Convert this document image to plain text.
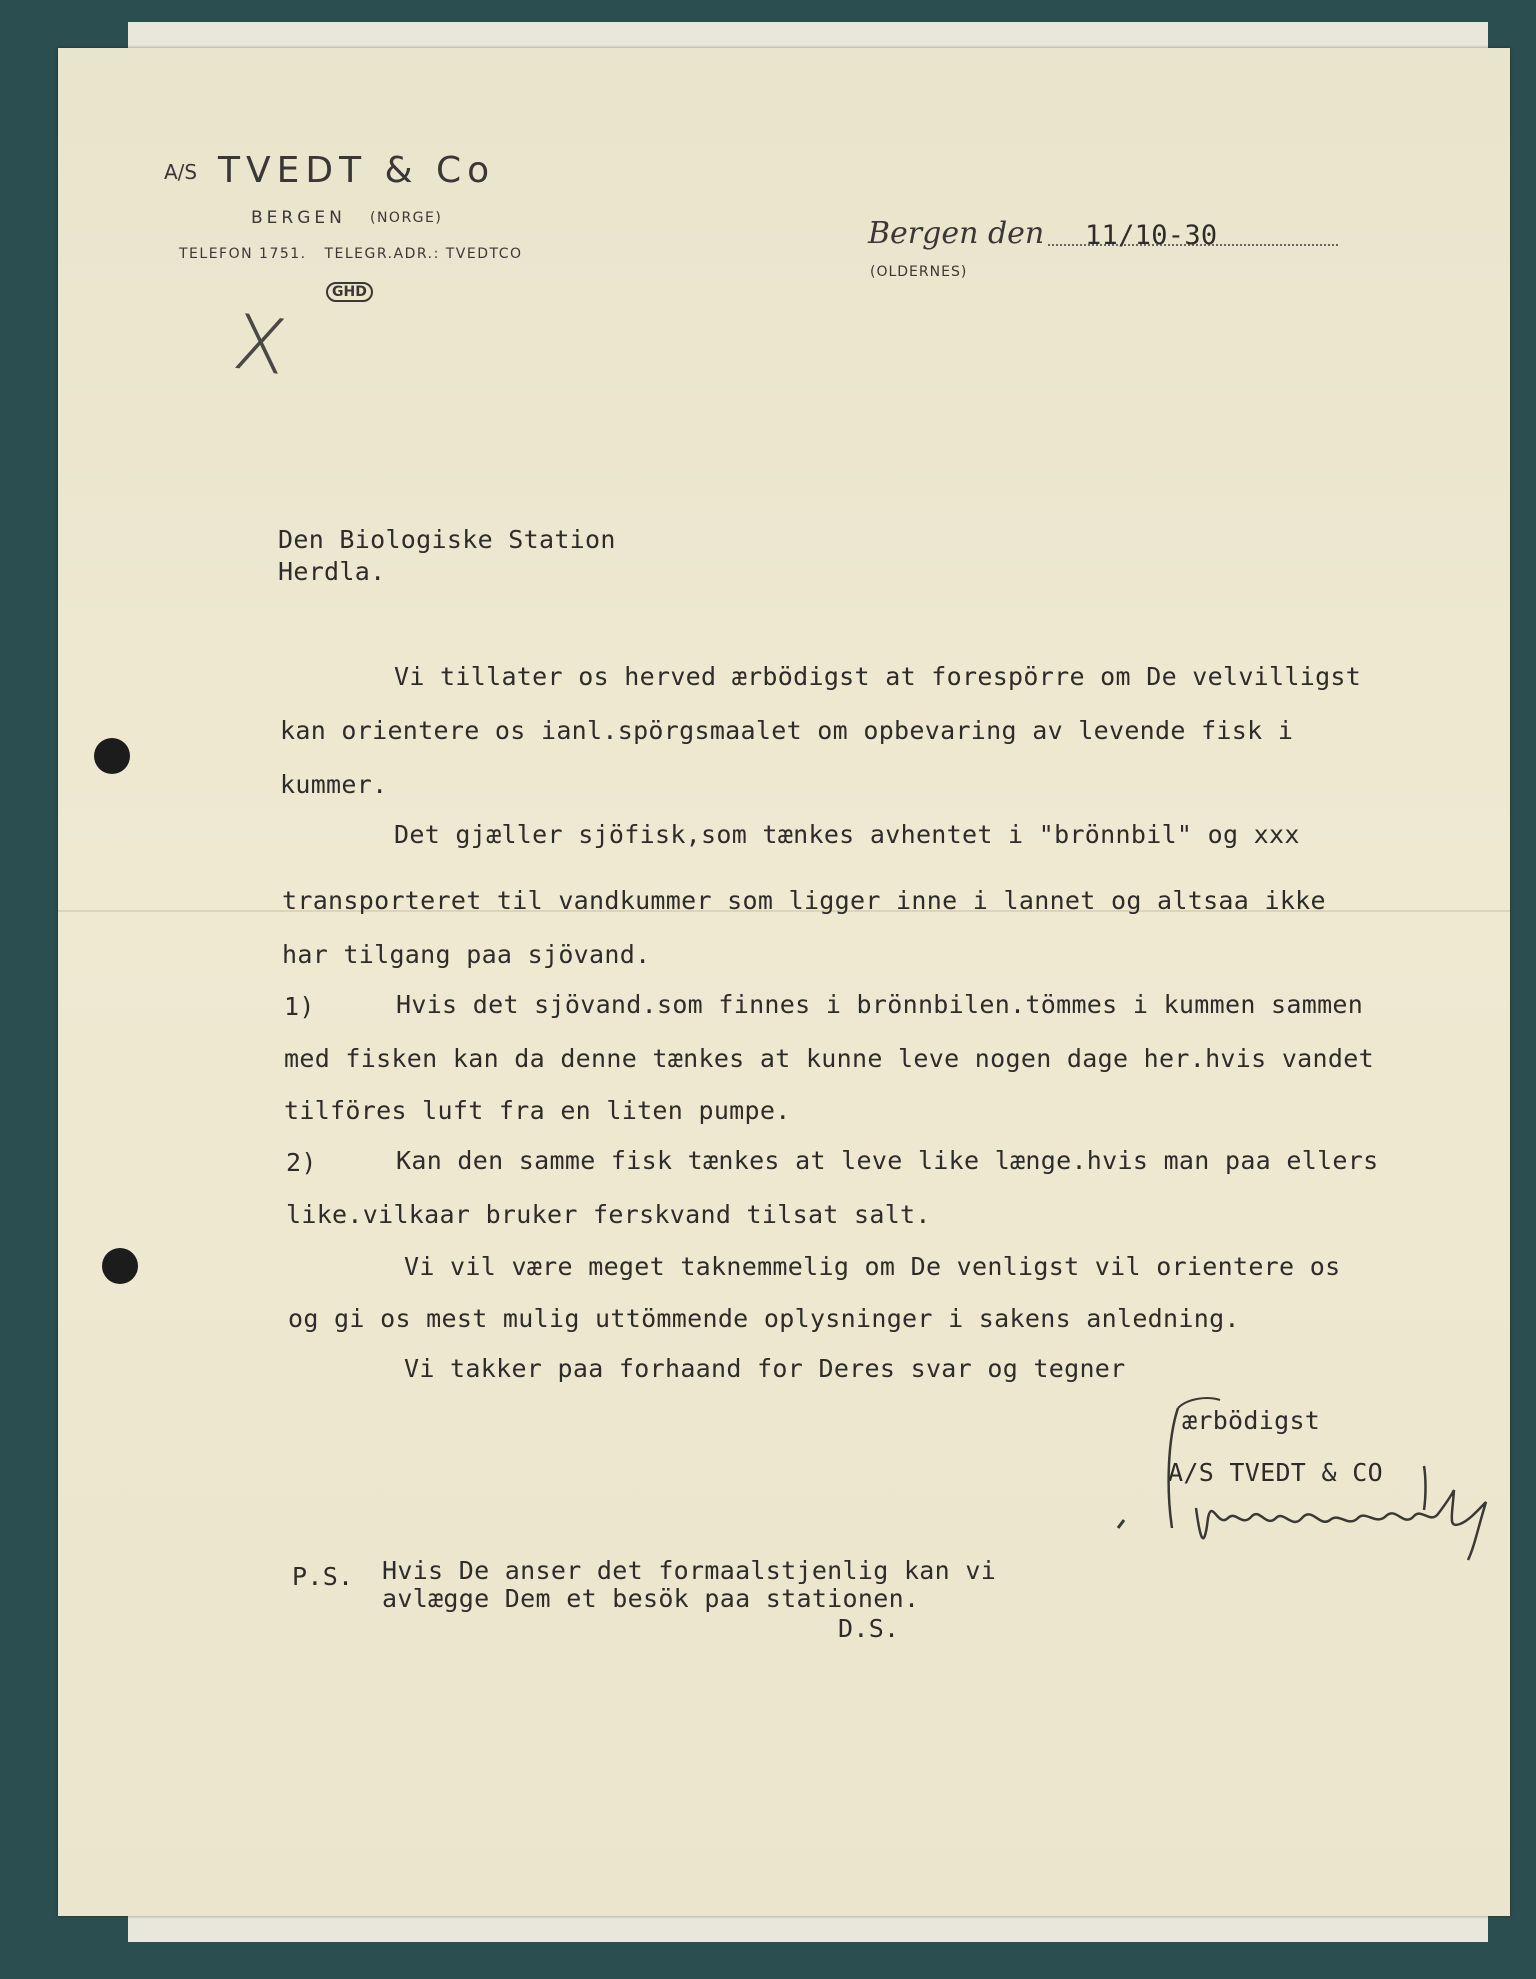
A/S TVEDT & Co
BERGEN (NORGE)
TELEFON 1751.   TELEGR.ADR.: TVEDTCO
GHD
X
Bergen den 11/10-30
(OLDERNES)
Den Biologiske Station
Herdla.
Vi tillater os herved ærbödigst at forespörre om De velvilligst
kan orientere os ianl.spörgsmaalet om opbevaring av levende fisk i
kummer.
Det gjæller sjöfisk,som tænkes avhentet i "brönnbil" og xxx
transporteret til vandkummer som ligger inne i lannet og altsaa ikke
har tilgang paa sjövand.
1)	Hvis det sjövand.som finnes i brönnbilen.tömmes i kummen sammen
med fisken kan da denne tænkes at kunne leve nogen dage her.hvis vandet
tilföres luft fra en liten pumpe.
2)	Kan den samme fisk tænkes at leve like længe.hvis man paa ellers
like.vilkaar bruker ferskvand tilsat salt.
Vi vil være meget taknemmelig om De venligst vil orientere os
og gi os mest mulig uttömmende oplysninger i sakens anledning.
Vi takker paa forhaand for Deres svar og tegner
ærbödigst
A/S TVEDT & CO
P.S. Hvis De anser det formaalstjenlig kan vi
avlægge Dem et besök paa stationen.
D.S.
